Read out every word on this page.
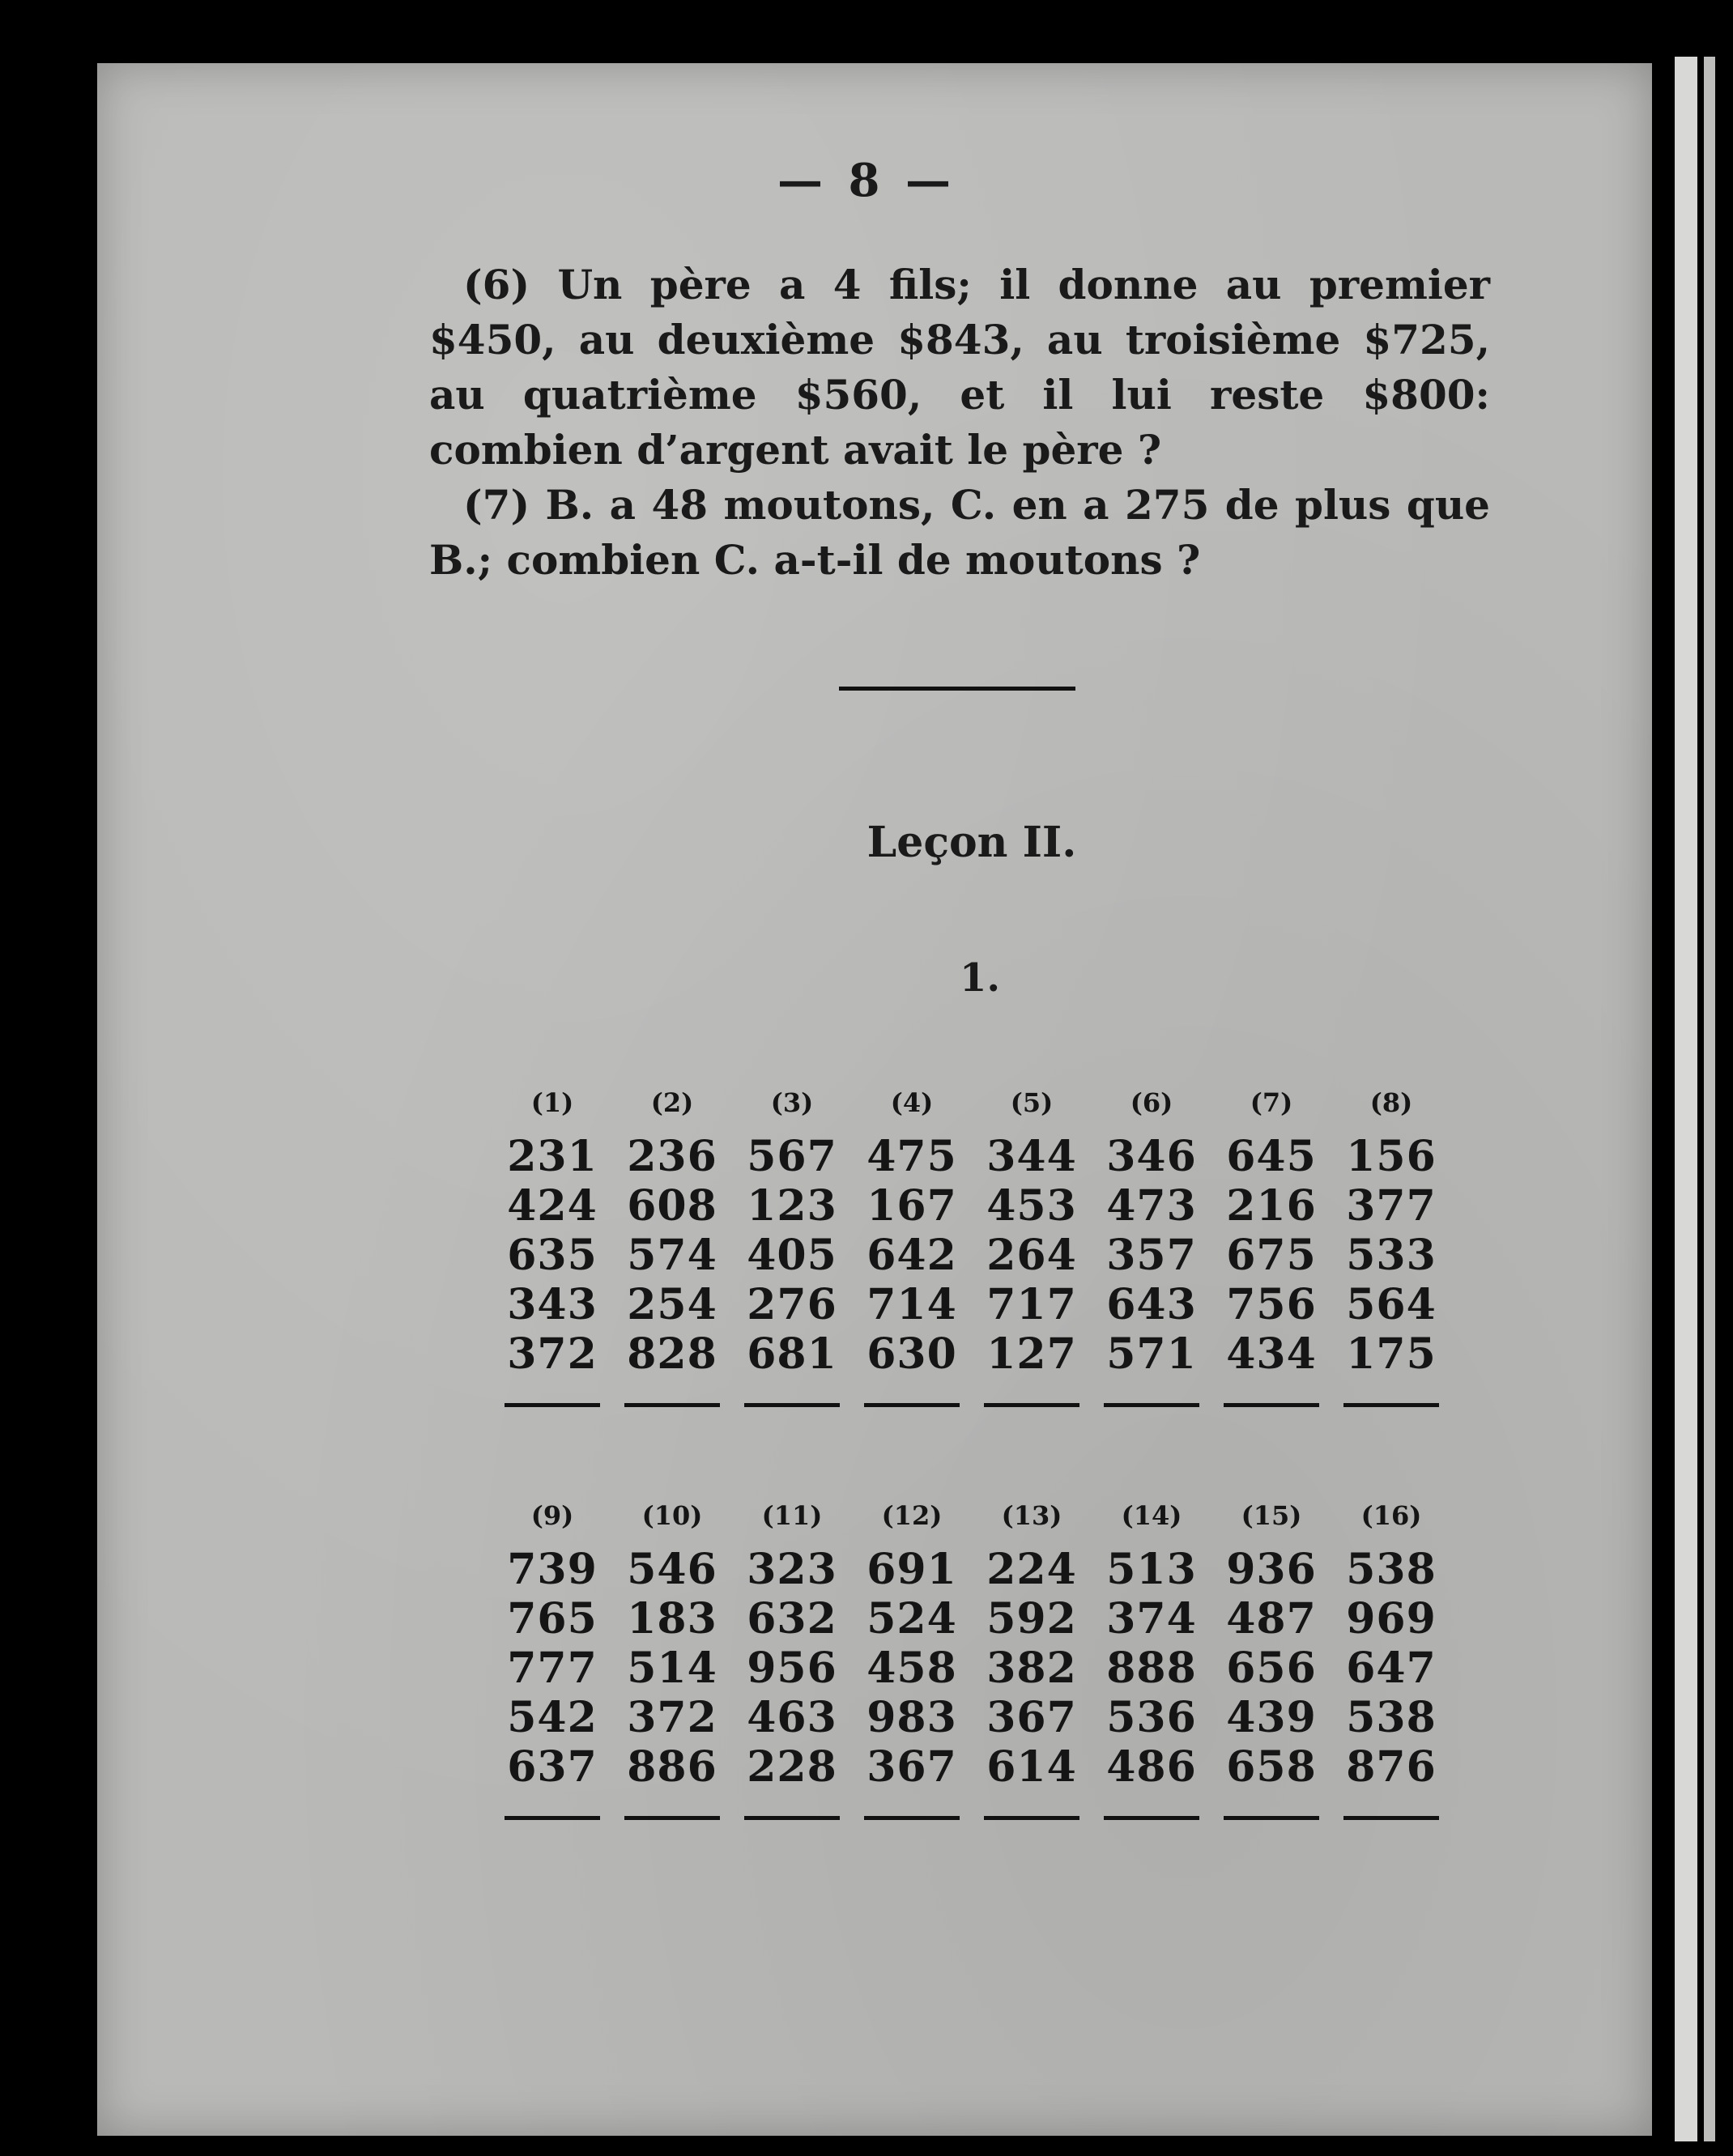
— 8 —

(6) Un père a 4 fils; il donne au premier $450, au deuxième $843, au troisièmе $725, au quatrième $560, et il lui reste $800: combien d’argent avait le père ?

(7) B. a 48 moutons, C. en a 275 de plus que B.; combien C. a-t-il de moutons ?

Leçon II.
1.
(1)
231
424
635
343
372
(2)
236
608
574
254
828
(3)
567
123
405
276
681
(4)
475
167
642
714
630
(5)
344
453
264
717
127
(6)
346
473
357
643
571
(7)
645
216
675
756
434
(8)
156
377
533
564
175
(9)
739
765
777
542
637
(10)
546
183
514
372
886
(11)
323
632
956
463
228
(12)
691
524
458
983
367
(13)
224
592
382
367
614
(14)
513
374
888
536
486
(15)
936
487
656
439
658
(16)
538
969
647
538
876
